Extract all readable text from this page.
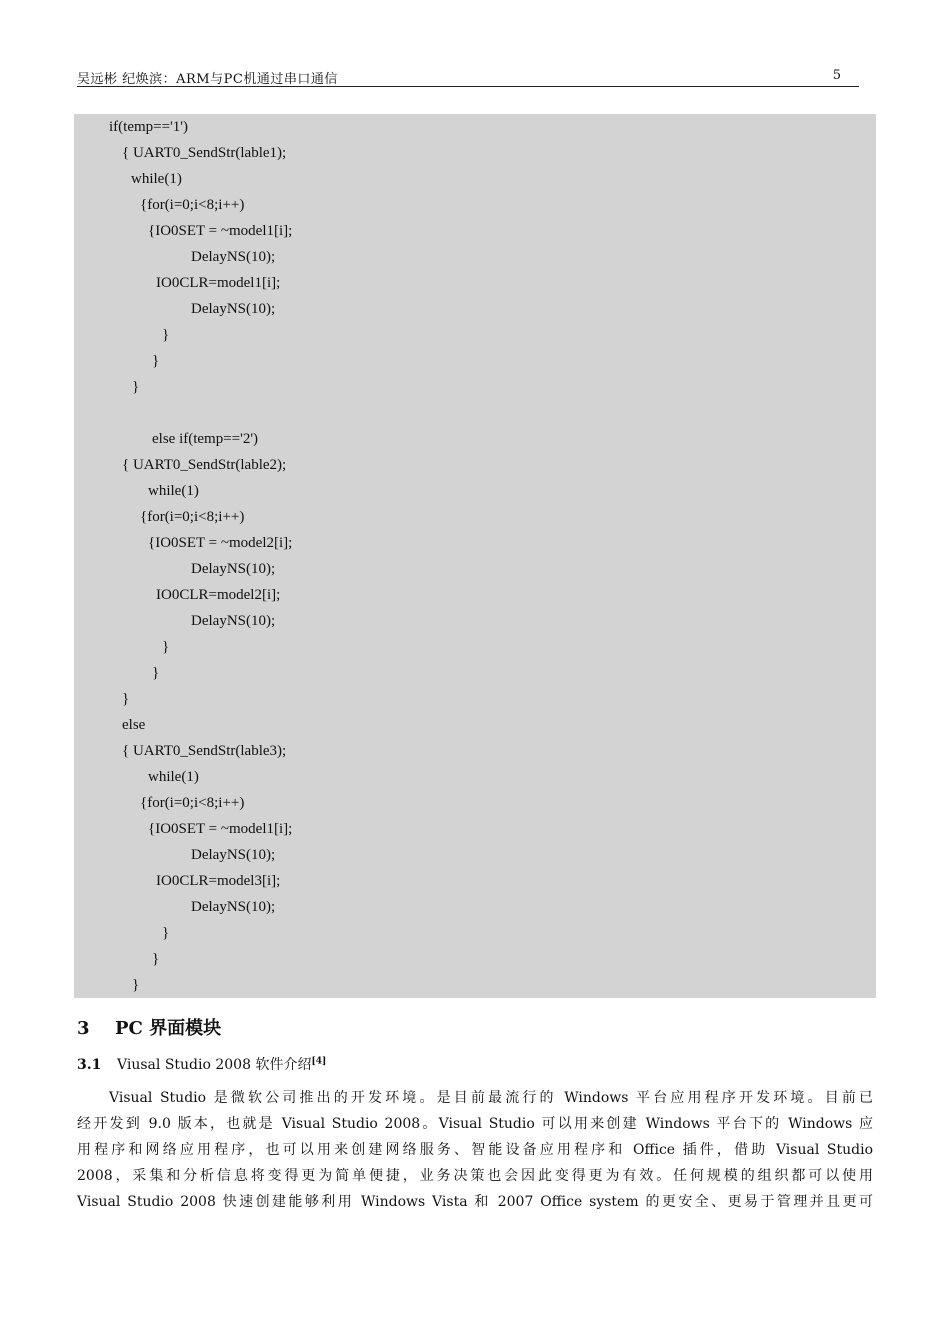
吴远彬 纪焕滨：ARM与PC机通过串口通信	5
if(temp=='1')
{ UART0_SendStr(lable1);
while(1)
{for(i=0;i<8;i++)
{IO0SET = ~model1[i];
DelayNS(10);
IO0CLR=model1[i];
DelayNS(10);
}
}
}
else if(temp=='2')
{ UART0_SendStr(lable2);
while(1)
{for(i=0;i<8;i++)
{IO0SET = ~model2[i];
DelayNS(10);
IO0CLR=model2[i];
DelayNS(10);
}
}
}
else
{ UART0_SendStr(lable3);
while(1)
{for(i=0;i<8;i++)
{IO0SET = ~model1[i];
DelayNS(10);
IO0CLR=model3[i];
DelayNS(10);
}
}
}
3 PC 界面模块
3.1 Viusal Studio 2008 软件介绍[4]
Visual Studio 是微软公司推出的开发环境。是目前最流行的 Windows 平台应用程序开发环境。目前已
经开发到 9.0 版本，也就是 Visual Studio 2008。Visual Studio 可以用来创建 Windows 平台下的 Windows 应
用程序和网络应用程序，也可以用来创建网络服务、智能设备应用程序和 Office 插件，借助 Visual Studio
2008，采集和分析信息将变得更为简单便捷，业务决策也会因此变得更为有效。任何规模的组织都可以使用
Visual Studio 2008 快速创建能够利用 Windows Vista 和 2007 Office system 的更安全、更易于管理并且更可
